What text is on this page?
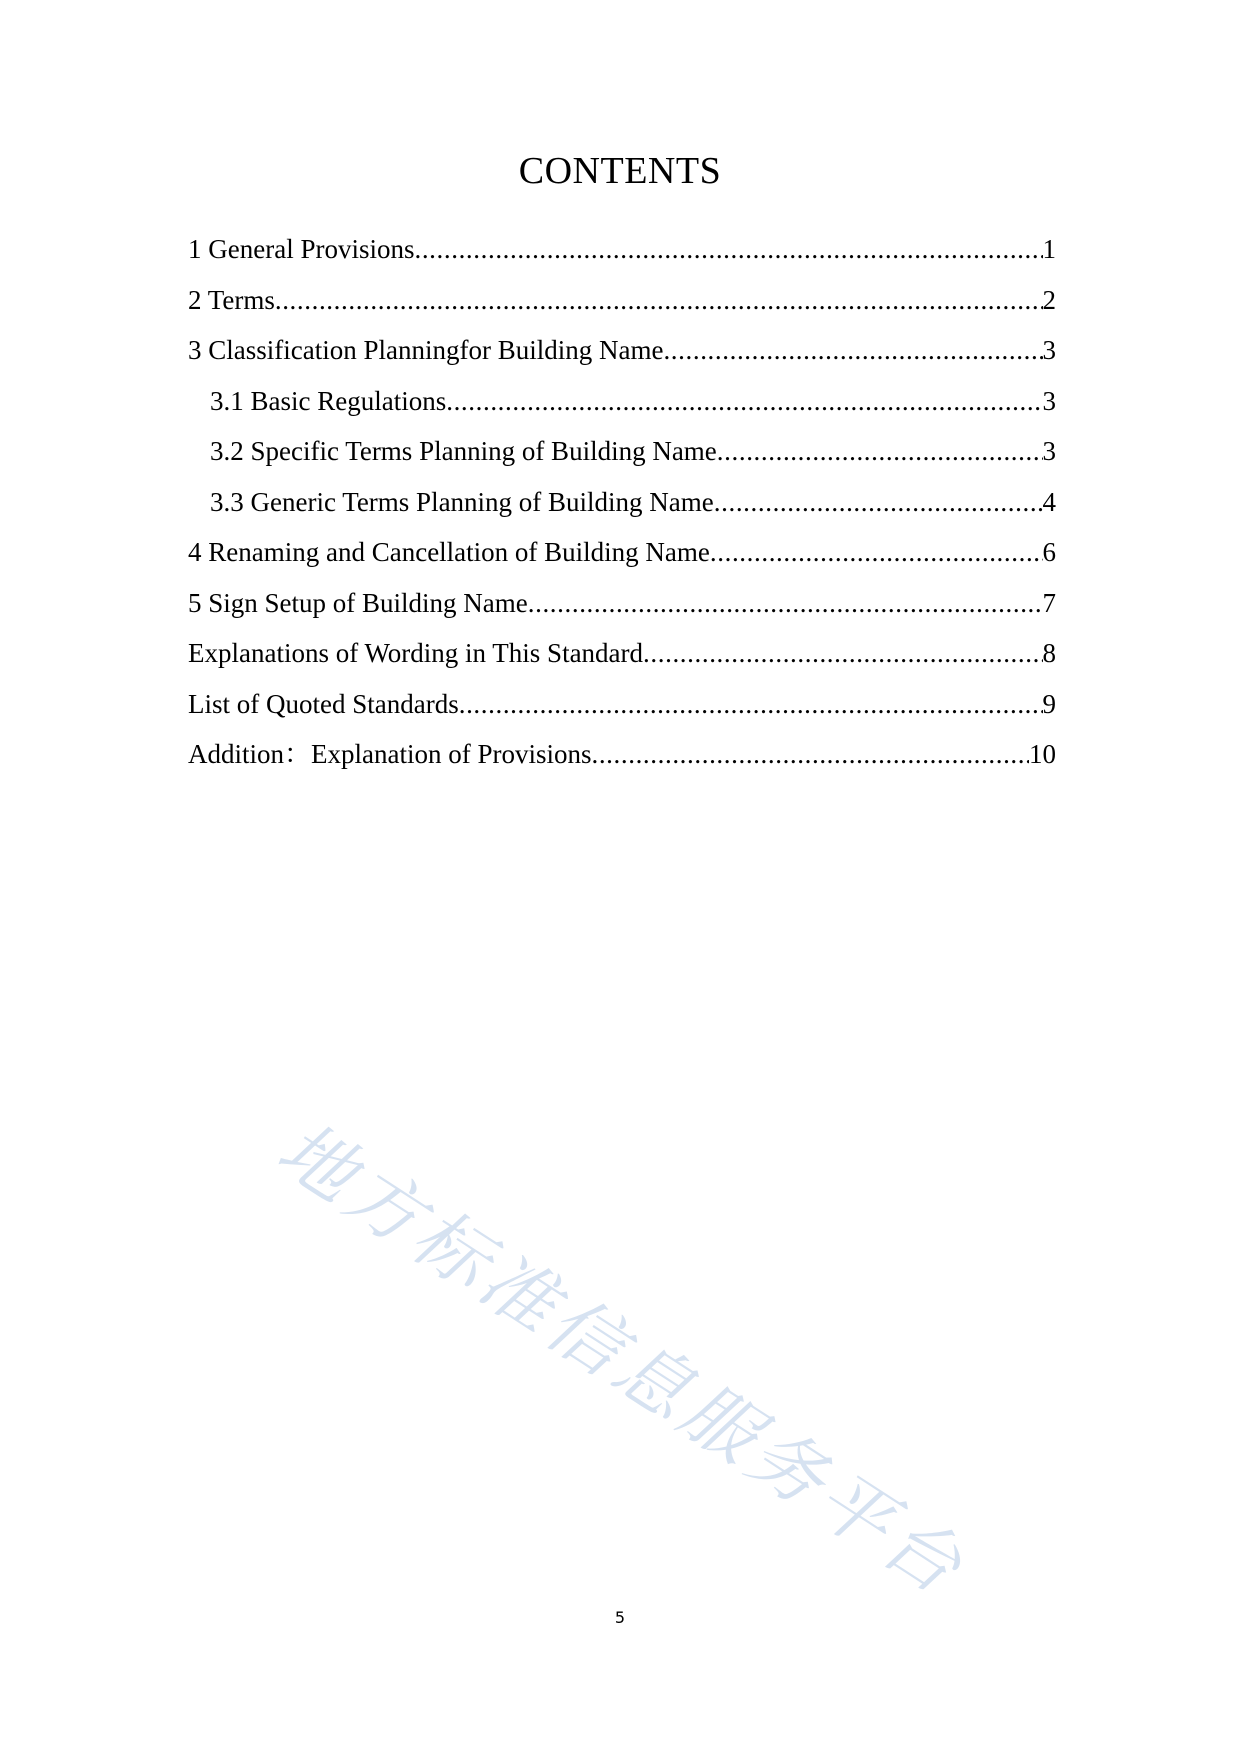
CONTENTS
1 General Provisions .....	1
2 Terms .....	2
3 Classification Planningfor Building Name .....	3
3.1 Basic Regulations .....	3
3.2 Specific Terms Planning of Building Name .....	3
3.3 Generic Terms Planning of Building Name .....	4
4 Renaming and Cancellation of Building Name .....	6
5 Sign Setup of Building Name .....	7
Explanations of Wording in This Standard .....	8
List of Quoted Standards .....	9
Addition：Explanation of Provisions .....	10
地方标准信息服务平台
5
